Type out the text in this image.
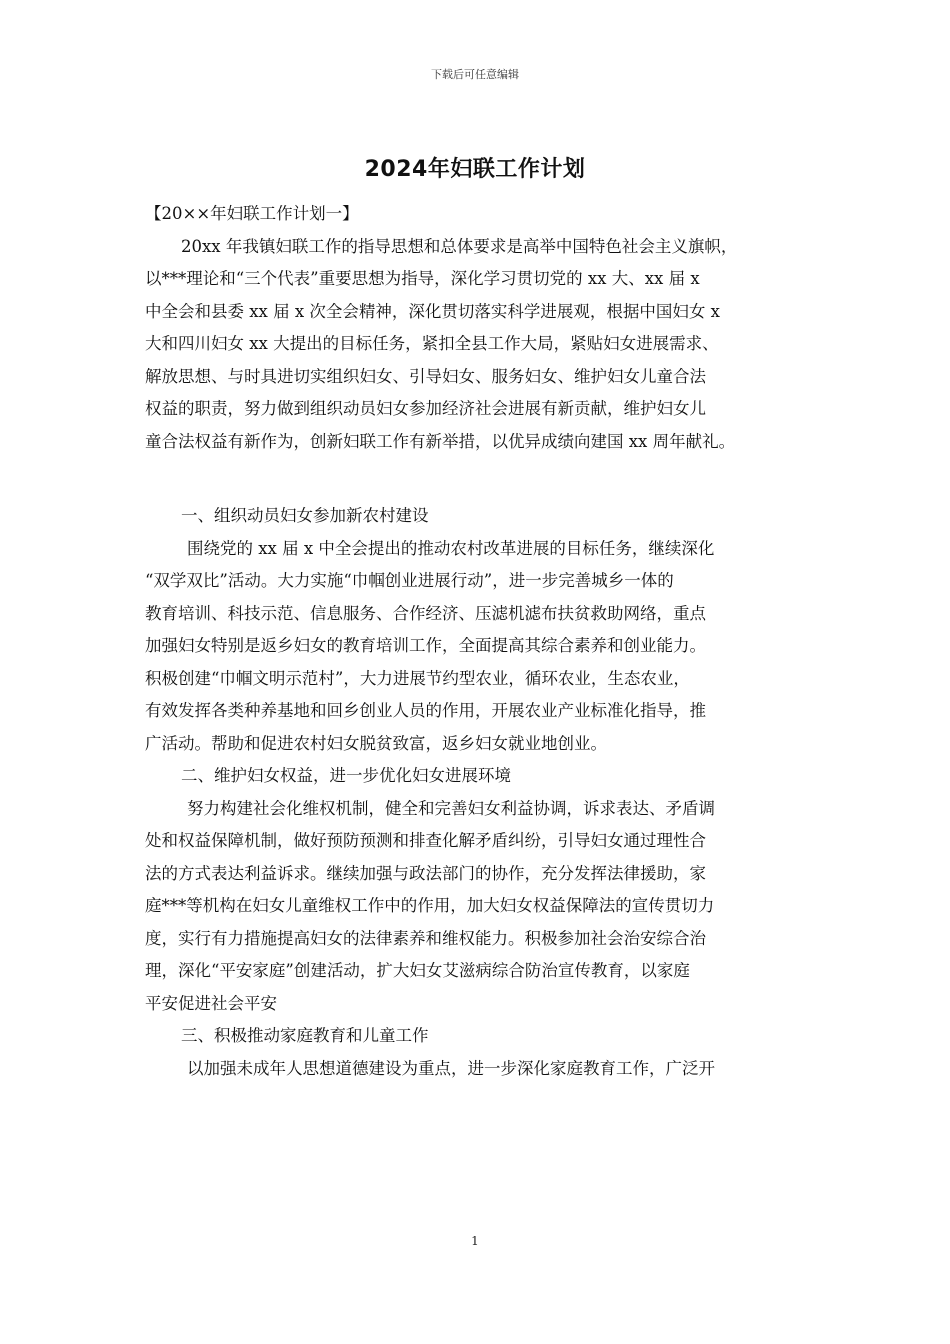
下载后可任意编辑
2024年妇联工作计划
【20××年妇联工作计划一】
20xx 年我镇妇联工作的指导思想和总体要求是高举中国特色社会主义旗帜，
以***理论和“三个代表”重要思想为指导，深化学习贯切党的 xx 大、xx 届 x
中全会和县委 xx 届 x 次全会精神，深化贯切落实科学进展观，根据中国妇女 x
大和四川妇女 xx 大提出的目标任务，紧扣全县工作大局，紧贴妇女进展需求、
解放思想、与时具进切实组织妇女、引导妇女、服务妇女、维护妇女儿童合法
权益的职责，努力做到组织动员妇女参加经济社会进展有新贡献，维护妇女儿
童合法权益有新作为，创新妇联工作有新举措，以优异成绩向建国 xx 周年献礼。
一、组织动员妇女参加新农村建设
围绕党的 xx 届 x 中全会提出的推动农村改革进展的目标任务，继续深化
“双学双比”活动。大力实施“巾帼创业进展行动”，进一步完善城乡一体的
教育培训、科技示范、信息服务、合作经济、压滤机滤布扶贫救助网络，重点
加强妇女特别是返乡妇女的教育培训工作，全面提高其综合素养和创业能力。
积极创建“巾帼文明示范村”，大力进展节约型农业，循环农业，生态农业，
有效发挥各类种养基地和回乡创业人员的作用，开展农业产业标准化指导，推
广活动。帮助和促进农村妇女脱贫致富，返乡妇女就业地创业。
二、维护妇女权益，进一步优化妇女进展环境
努力构建社会化维权机制，健全和完善妇女利益协调，诉求表达、矛盾调
处和权益保障机制，做好预防预测和排查化解矛盾纠纷，引导妇女通过理性合
法的方式表达利益诉求。继续加强与政法部门的协作，充分发挥法律援助，家
庭***等机构在妇女儿童维权工作中的作用，加大妇女权益保障法的宣传贯切力
度，实行有力措施提高妇女的法律素养和维权能力。积极参加社会治安综合治
理，深化“平安家庭”创建活动，扩大妇女艾滋病综合防治宣传教育，以家庭
平安促进社会平安
三、积极推动家庭教育和儿童工作
以加强未成年人思想道德建设为重点，进一步深化家庭教育工作，广泛开
1
